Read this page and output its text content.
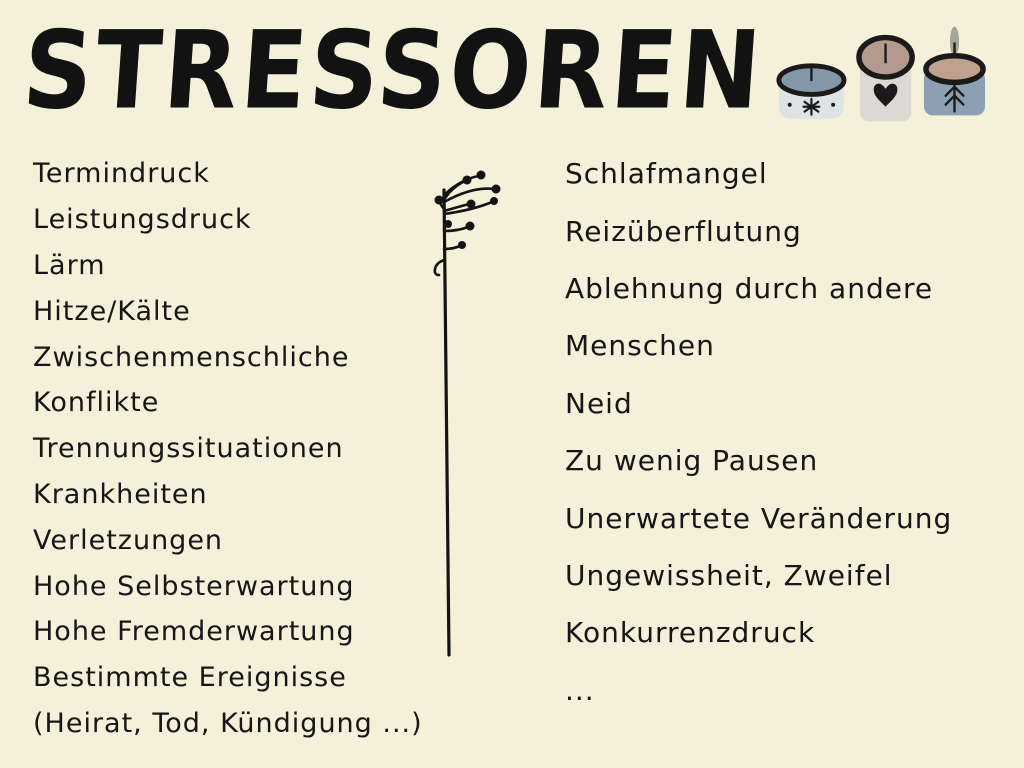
STRESSOREN
Termindruck
Leistungsdruck
Lärm
Hitze/Kälte
Zwischenmenschliche
Konflikte
Trennungssituationen
Krankheiten
Verletzungen
Hohe Selbsterwartung
Hohe Fremderwartung
Bestimmte Ereignisse
(Heirat, Tod, Kündigung ...)
Schlafmangel
Reizüberflutung
Ablehnung durch andere
Menschen
Neid
Zu wenig Pausen
Unerwartete Veränderung
Ungewissheit, Zweifel
Konkurrenzdruck
...
